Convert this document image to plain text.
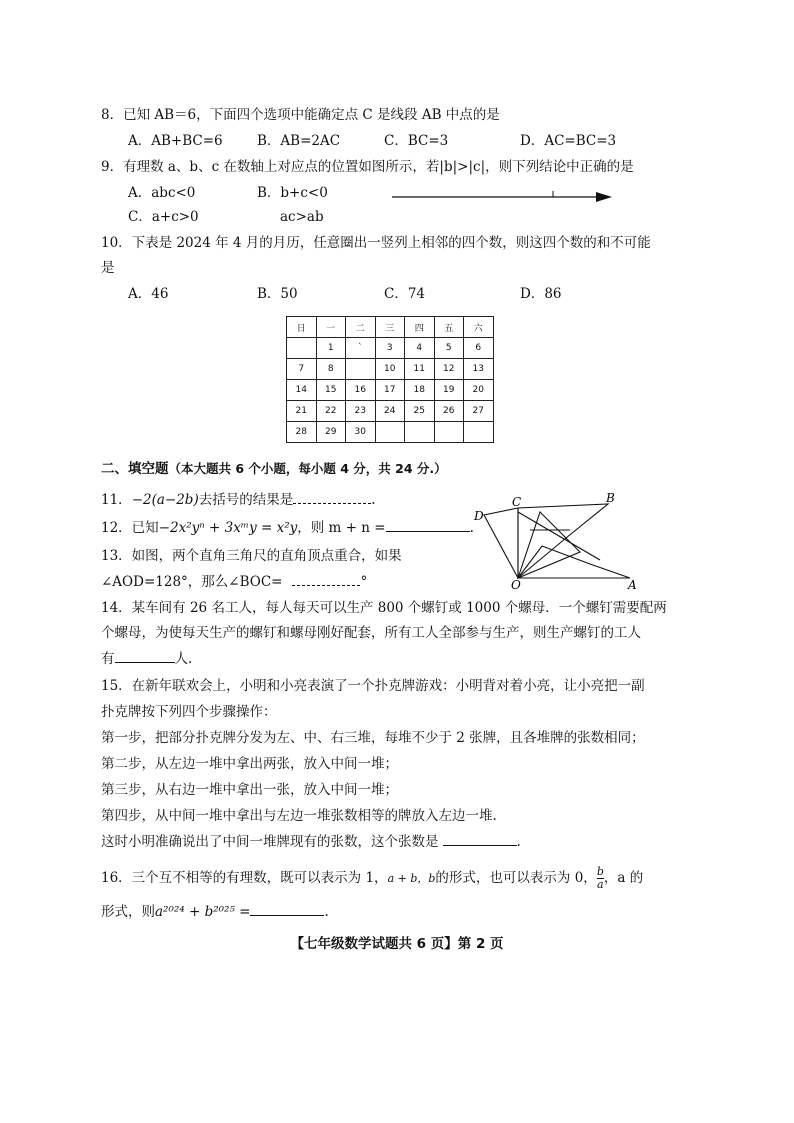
8．已知 AB＝6，下面四个选项中能确定点 C 是线段 AB 中点的是
A．AB+BC=6	B．AB=2AC	C．BC=3	D．AC=BC=3
9．有理数 a、b、c 在数轴上对应点的位置如图所示，若|b|>|c|，则下列结论中正确的是
A．abc<0	B．b+c<0
C．a+c>0	ac>ab
10．下表是 2024 年 4 月的月历，任意圈出一竖列上相邻的四个数，则这四个数的和不可能
是
A．46	B．50	C．74	D．86
日	一	二	三	四	五	六
	1	`	3	4	5	6
7	8		10	11	12	13
14	15	16	17	18	19	20
21	22	23	24	25	26	27
28	29	30				
二、填空题（本大题共 6 个小题，每小题 4 分，共 24 分.）
11．−2(a−2b)去括号的结果是	.
12．已知−2x²yⁿ + 3xᵐy = x²y，则 m + n =	.
13．如图，两个直角三角尺的直角顶点重合，如果
∠AOD=128°，那么∠BOC=	°
D
C	B
O	A
14．某车间有 26 名工人，每人每天可以生产 800 个螺钉或 1000 个螺母．一个螺钉需要配两
个螺母，为使每天生产的螺钉和螺母刚好配套，所有工人全部参与生产，则生产螺钉的工人
有	人.
15．在新年联欢会上，小明和小亮表演了一个扑克牌游戏：小明背对着小亮，让小亮把一副
扑克牌按下列四个步骤操作：
第一步，把部分扑克牌分发为左、中、右三堆，每堆不少于 2 张牌，且各堆牌的张数相同；
第二步，从左边一堆中拿出两张，放入中间一堆；
第三步，从右边一堆中拿出一张，放入中间一堆；
第四步，从中间一堆中拿出与左边一堆张数相等的牌放入左边一堆.
这时小明准确说出了中间一堆牌现有的张数，这个张数是	.
16．三个互不相等的有理数，既可以表示为 1，a + b，b的形式，也可以表示为 0， $\frac{b}{a}$ ，a 的
形式，则a²⁰²⁴ + b²⁰²⁵ =	.
【七年级数学试题共 6 页】第 2 页
